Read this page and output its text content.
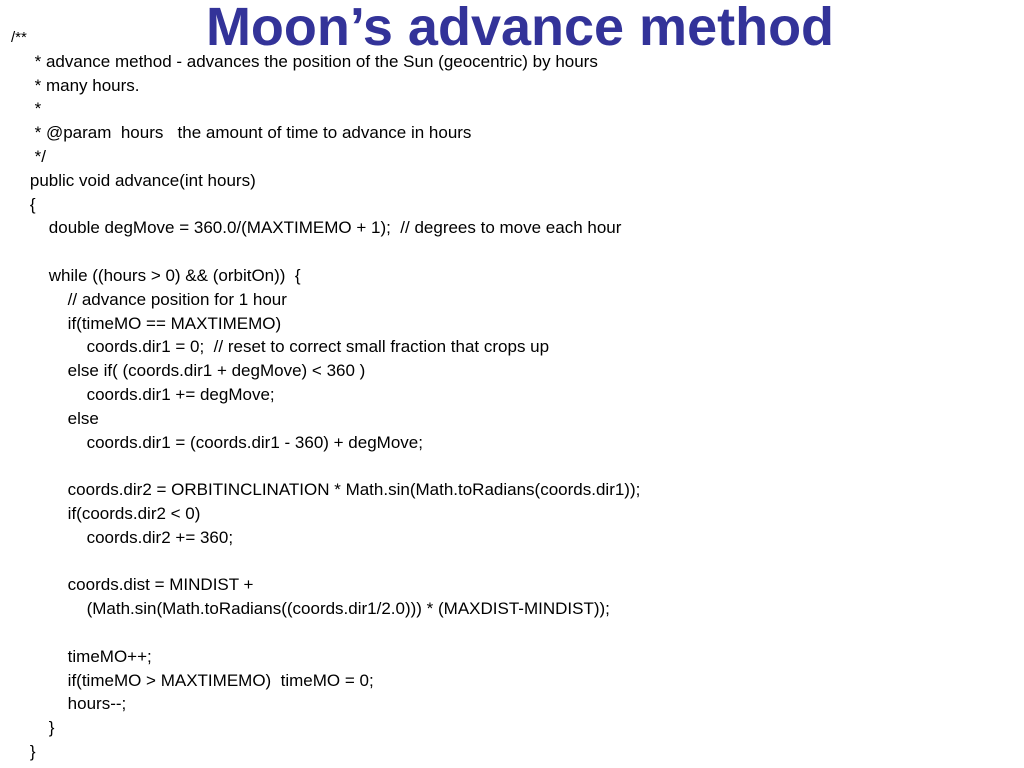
Moon’s advance method
/**
* advance method - advances the position of the Sun (geocentric) by hours
* many hours.
*
* @param  hours   the amount of time to advance in hours
*/
public void advance(int hours)
{
double degMove = 360.0/(MAXTIMEMO + 1);  // degrees to move each hour

while ((hours > 0) && (orbitOn))  {
// advance position for 1 hour
if(timeMO == MAXTIMEMO)
coords.dir1 = 0;  // reset to correct small fraction that crops up
else if( (coords.dir1 + degMove) < 360 )
coords.dir1 += degMove;
else
coords.dir1 = (coords.dir1 - 360) + degMove;

coords.dir2 = ORBITINCLINATION * Math.sin(Math.toRadians(coords.dir1));
if(coords.dir2 < 0)
coords.dir2 += 360;

coords.dist = MINDIST +
(Math.sin(Math.toRadians((coords.dir1/2.0))) * (MAXDIST-MINDIST));

timeMO++;
if(timeMO > MAXTIMEMO)  timeMO = 0;
hours--;
}
}
